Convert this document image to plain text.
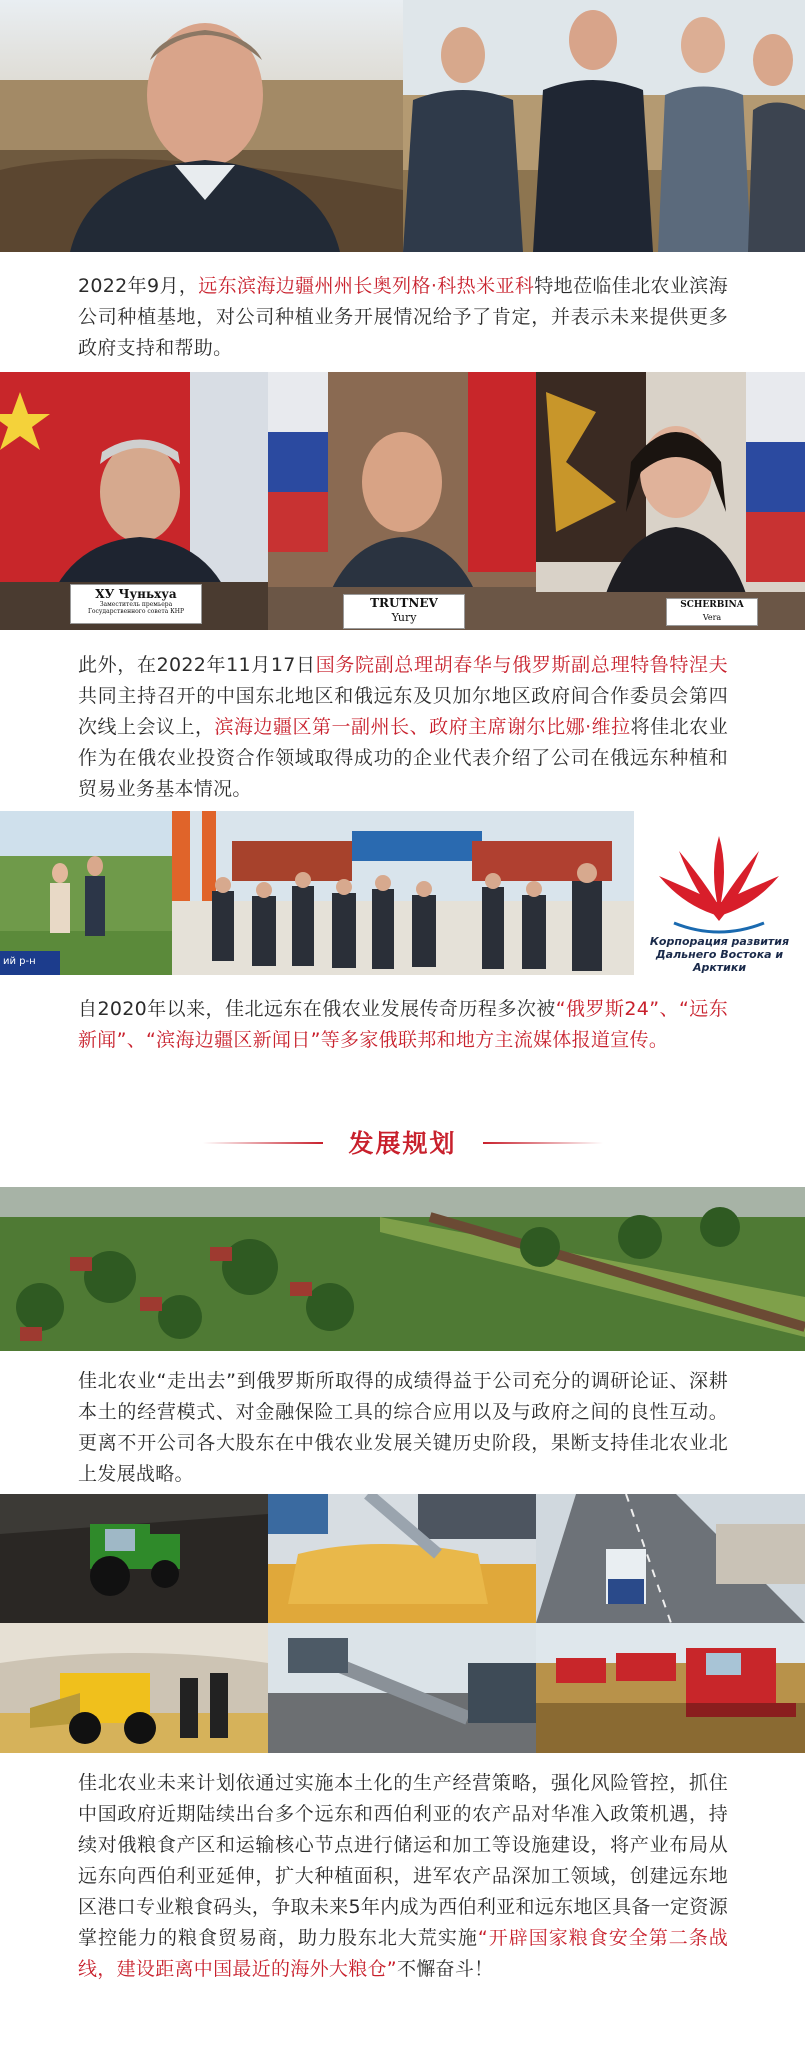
2022年9月，远东滨海边疆州州长奥列格·科热米亚科特地莅临佳北农业滨海公司种植基地，对公司种植业务开展情况给予了肯定，并表示未来提供更多政府支持和帮助。

ХУ Чуньхуа
Заместитель премьера Государственного совета КНР
TRUTNEV
Yury
SCHERBINA
Vera

此外，在2022年11月17日国务院副总理胡春华与俄罗斯副总理特鲁特涅夫共同主持召开的中国东北地区和俄远东及贝加尔地区政府间合作委员会第四次线上会议上，滨海边疆区第一副州长、政府主席谢尔比娜·维拉将佳北农业作为在俄农业投资合作领域取得成功的企业代表介绍了公司在俄远东种植和贸易业务基本情况。

ий р-н
Корпорация развития
Дальнего Востока и Арктики

自2020年以来，佳北远东在俄农业发展传奇历程多次被“俄罗斯24”、“远东新闻”、“滨海边疆区新闻日”等多家俄联邦和地方主流媒体报道宣传。

发展规划

佳北农业“走出去”到俄罗斯所取得的成绩得益于公司充分的调研论证、深耕本土的经营模式、对金融保险工具的综合应用以及与政府之间的良性互动。更离不开公司各大股东在中俄农业发展关键历史阶段，果断支持佳北农业北上发展战略。

佳北农业未来计划依通过实施本土化的生产经营策略，强化风险管控，抓住中国政府近期陆续出台多个远东和西伯利亚的农产品对华准入政策机遇，持续对俄粮食产区和运输核心节点进行储运和加工等设施建设，将产业布局从远东向西伯利亚延伸，扩大种植面积，进军农产品深加工领域，创建远东地区港口专业粮食码头，争取未来5年内成为西伯利亚和远东地区具备一定资源掌控能力的粮食贸易商，助力股东北大荒实施“开辟国家粮食安全第二条战线，建设距离中国最近的海外大粮仓”不懈奋斗！
